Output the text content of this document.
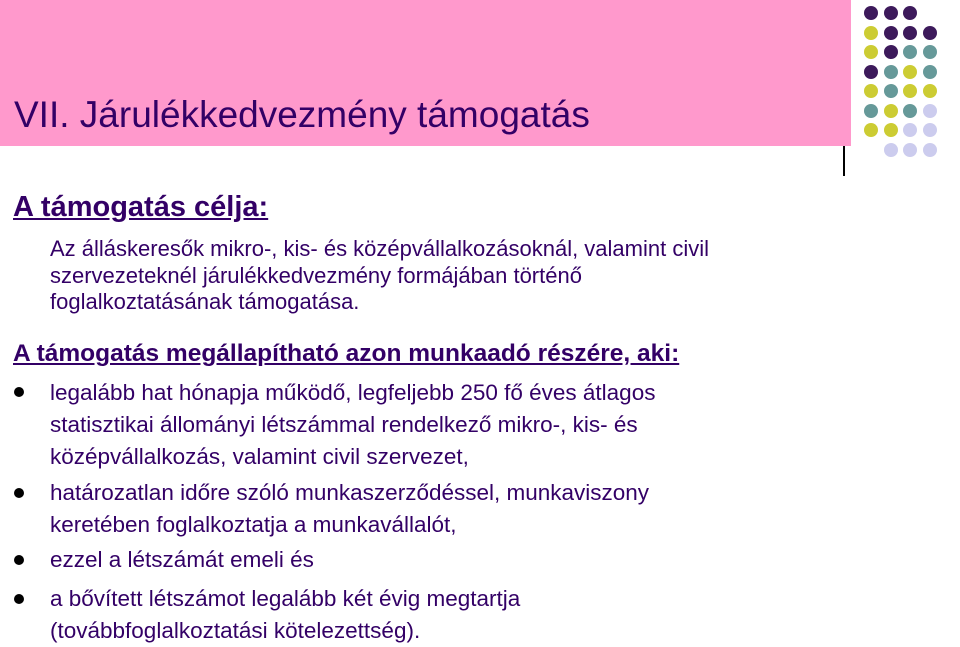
VII. Járulékkedvezmény támogatás
A támogatás célja:
Az álláskeresők mikro-, kis- és középvállalkozásoknál, valamint civil
szervezeteknél járulékkedvezmény formájában történő
foglalkoztatásának támogatása.
A támogatás megállapítható azon munkaadó részére, aki:
legalább hat hónapja működő, legfeljebb 250 fő éves átlagos
statisztikai állományi létszámmal rendelkező mikro-, kis- és
középvállalkozás, valamint civil szervezet,
határozatlan időre szóló munkaszerződéssel, munkaviszony
keretében foglalkoztatja a munkavállalót,
ezzel a létszámát emeli és
a bővített létszámot legalább két évig megtartja
(továbbfoglalkoztatási kötelezettség).
